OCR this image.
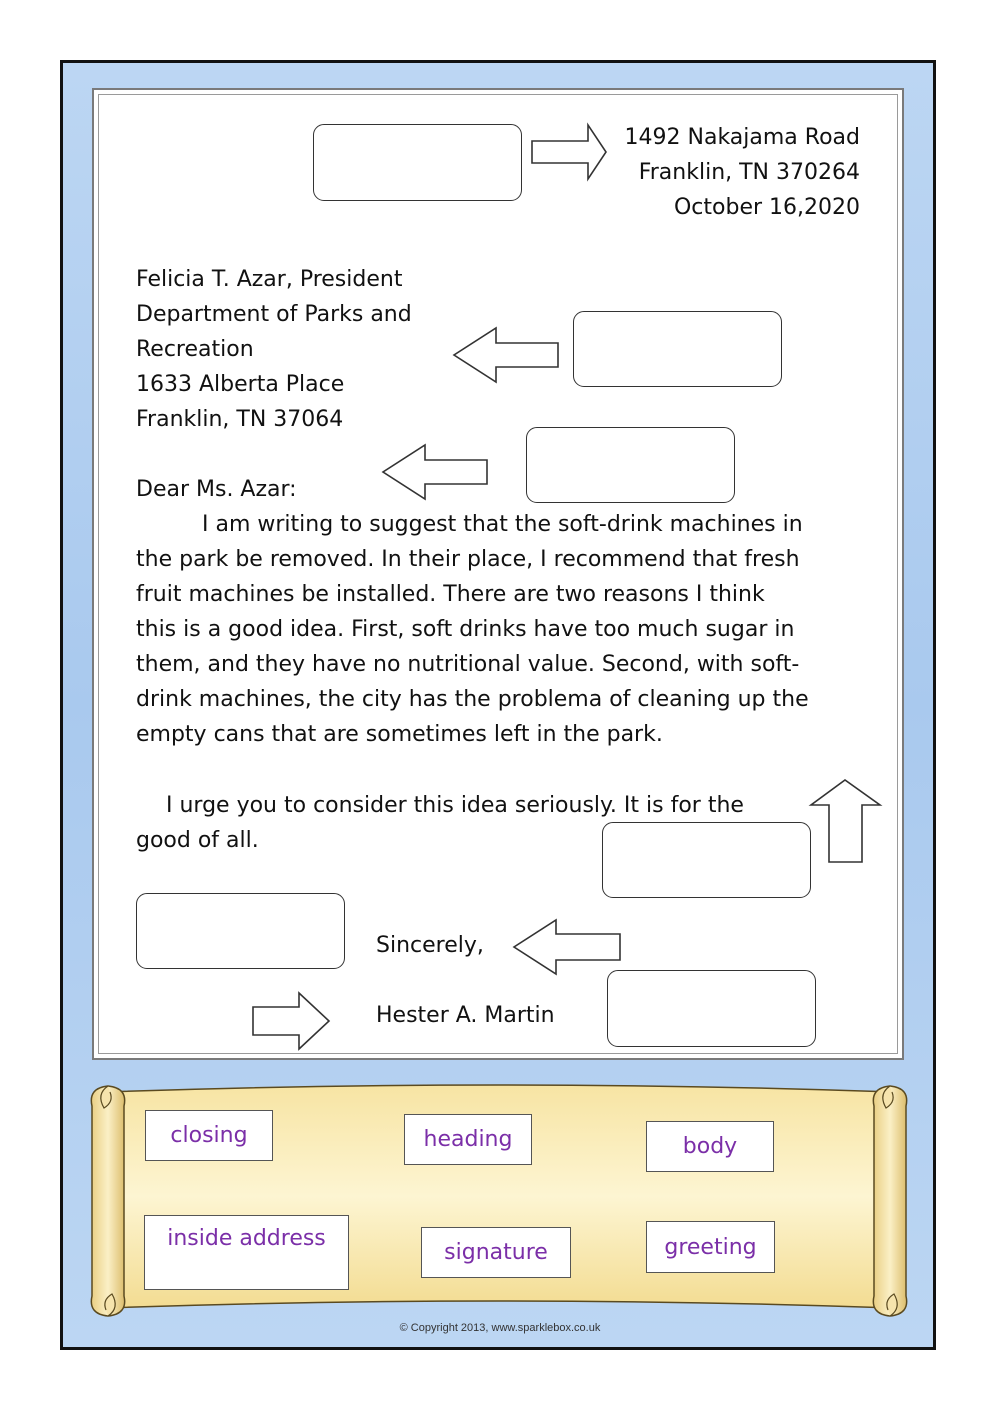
1492 Nakajama Road
Franklin, TN 370264
October 16,2020
Felicia T. Azar, President
Department of Parks and
Recreation
1633 Alberta Place
Franklin, TN 37064
Dear Ms. Azar:

I am writing to suggest that the soft-drink machines in

the park be removed. In their place, I recommend that fresh

fruit machines be installed. There are two reasons I think

this is a good idea. First, soft drinks have too much sugar in

them, and they have no nutritional value. Second, with soft-

drink machines, the city has the problema of cleaning up the

empty cans that are sometimes left in the park.

I urge you to consider this idea seriously. It is for the
good of all.
Sincerely,
Hester A. Martin
closing	heading	body
inside address
signature	greeting
© Copyright 2013, www.sparklebox.co.uk
